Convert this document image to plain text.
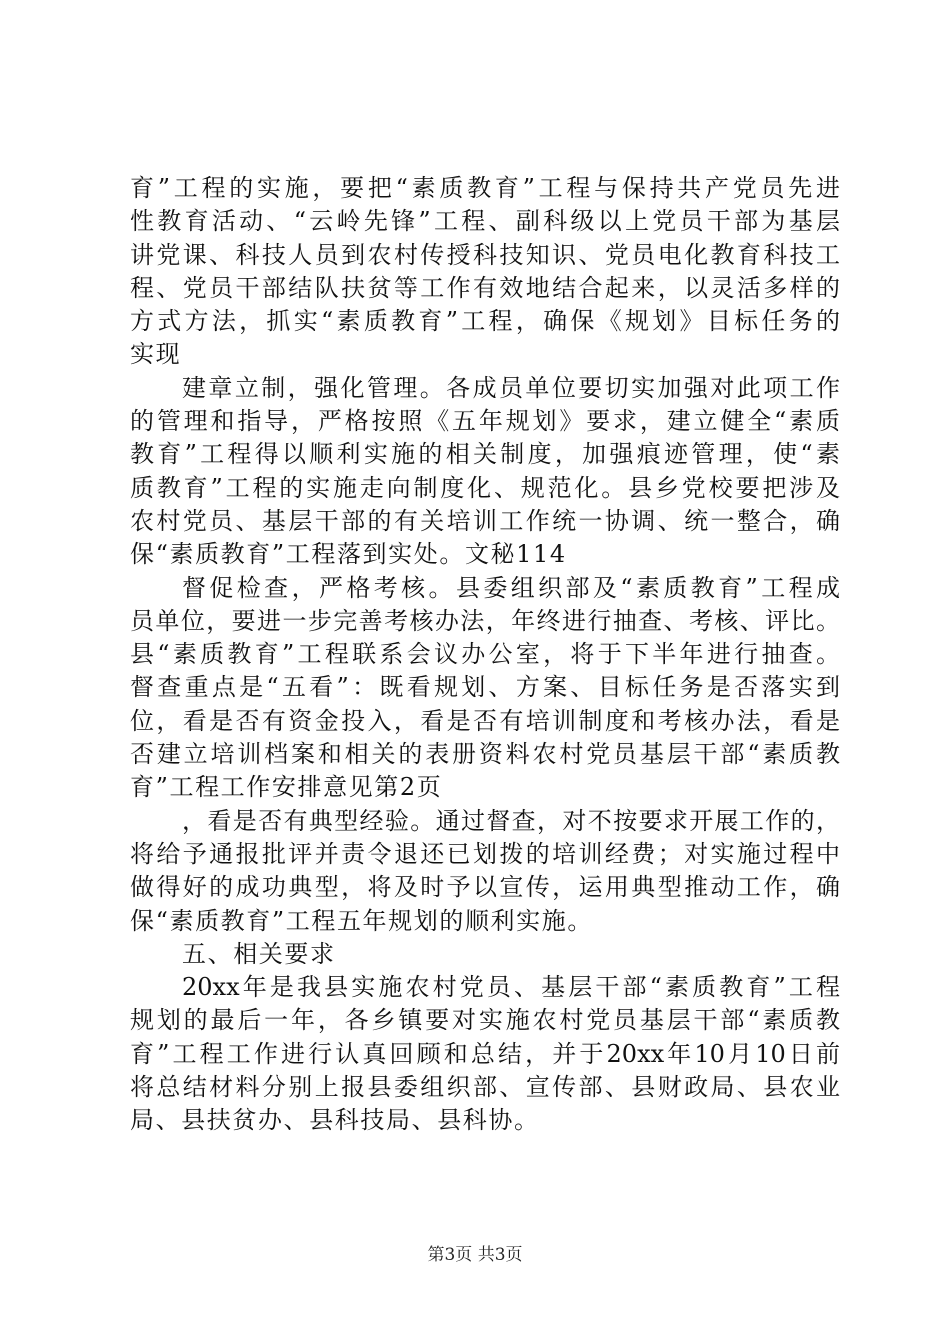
育”工程的实施，要把“素质教育”工程与保持共产党员先进
性教育活动、“云岭先锋”工程、副科级以上党员干部为基层
讲党课、科技人员到农村传授科技知识、党员电化教育科技工
程、党员干部结队扶贫等工作有效地结合起来，以灵活多样的
方式方法，抓实“素质教育”工程，确保《规划》目标任务的
实现
建章立制，强化管理。各成员单位要切实加强对此项工作
的管理和指导，严格按照《五年规划》要求，建立健全“素质
教育”工程得以顺利实施的相关制度，加强痕迹管理，使“素
质教育”工程的实施走向制度化、规范化。县乡党校要把涉及
农村党员、基层干部的有关培训工作统一协调、统一整合，确
保“素质教育”工程落到实处。文秘114
督促检查，严格考核。县委组织部及“素质教育”工程成
员单位，要进一步完善考核办法，年终进行抽查、考核、评比。
县“素质教育”工程联系会议办公室，将于下半年进行抽查。
督查重点是“五看”：既看规划、方案、目标任务是否落实到
位，看是否有资金投入，看是否有培训制度和考核办法，看是
否建立培训档案和相关的表册资料农村党员基层干部“素质教
育”工程工作安排意见第2页
，看是否有典型经验。通过督查，对不按要求开展工作的，
将给予通报批评并责令退还已划拨的培训经费；对实施过程中
做得好的成功典型，将及时予以宣传，运用典型推动工作，确
保“素质教育”工程五年规划的顺利实施。
五、相关要求
20xx年是我县实施农村党员、基层干部“素质教育”工程
规划的最后一年，各乡镇要对实施农村党员基层干部“素质教
育”工程工作进行认真回顾和总结，并于20xx年10月10日前
将总结材料分别上报县委组织部、宣传部、县财政局、县农业
局、县扶贫办、县科技局、县科协。
第3页 共3页
